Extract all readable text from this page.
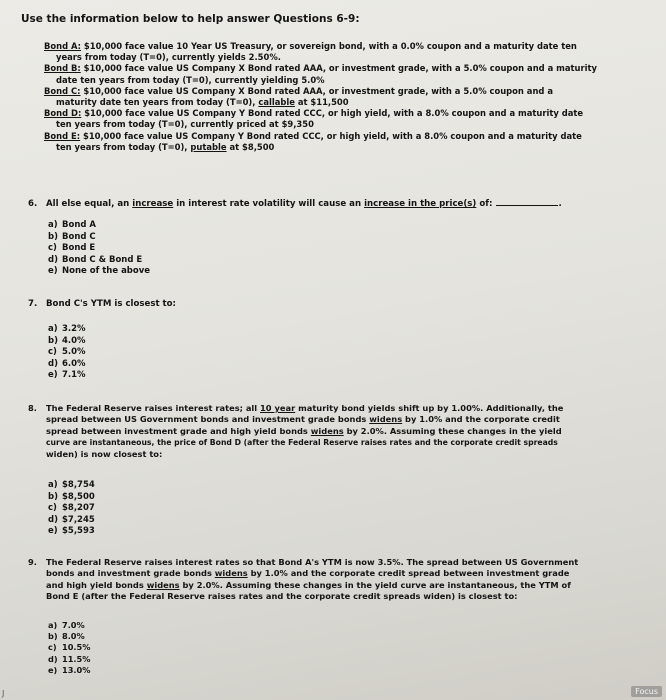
Use the information below to help answer Questions 6-9:
Bond A: $10,000 face value 10 Year US Treasury, or sovereign bond, with a 0.0% coupon and a maturity date ten
years from today (T=0), currently yields 2.50%.
Bond B: $10,000 face value US Company X Bond rated AAA, or investment grade, with a 5.0% coupon and a maturity
date ten years from today (T=0), currently yielding 5.0%
Bond C: $10,000 face value US Company X Bond rated AAA, or investment grade, with a 5.0% coupon and a
maturity date ten years from today (T=0), callable at $11,500
Bond D: $10,000 face value US Company Y Bond rated CCC, or high yield, with a 8.0% coupon and a maturity date
ten years from today (T=0), currently priced at $9,350
Bond E: $10,000 face value US Company Y Bond rated CCC, or high yield, with a 8.0% coupon and a maturity date
ten years from today (T=0), putable at $8,500
6. All else equal, an increase in interest rate volatility will cause an increase in the price(s) of:	.
a) Bond A
b) Bond C
c) Bond E
d) Bond C & Bond E
e) None of the above
7. Bond C's YTM is closest to:
a) 3.2%
b) 4.0%
c) 5.0%
d) 6.0%
e) 7.1%
8. The Federal Reserve raises interest rates; all 10 year maturity bond yields shift up by 1.00%. Additionally, the
spread between US Government bonds and investment grade bonds widens by 1.0% and the corporate credit
spread between investment grade and high yield bonds widens by 2.0%. Assuming these changes in the yield
curve are instantaneous, the price of Bond D (after the Federal Reserve raises rates and the corporate credit spreads
widen) is now closest to:
a) $8,754
b) $8,500
c) $8,207
d) $7,245
e) $5,593
9. The Federal Reserve raises interest rates so that Bond A's YTM is now 3.5%. The spread between US Government
bonds and investment grade bonds widens by 1.0% and the corporate credit spread between investment grade
and high yield bonds widens by 2.0%. Assuming these changes in the yield curve are instantaneous, the YTM of
Bond E (after the Federal Reserve raises rates and the corporate credit spreads widen) is closest to:
a) 7.0%
b) 8.0%
c) 10.5%
d) 11.5%
e) 13.0%
J	Focus
